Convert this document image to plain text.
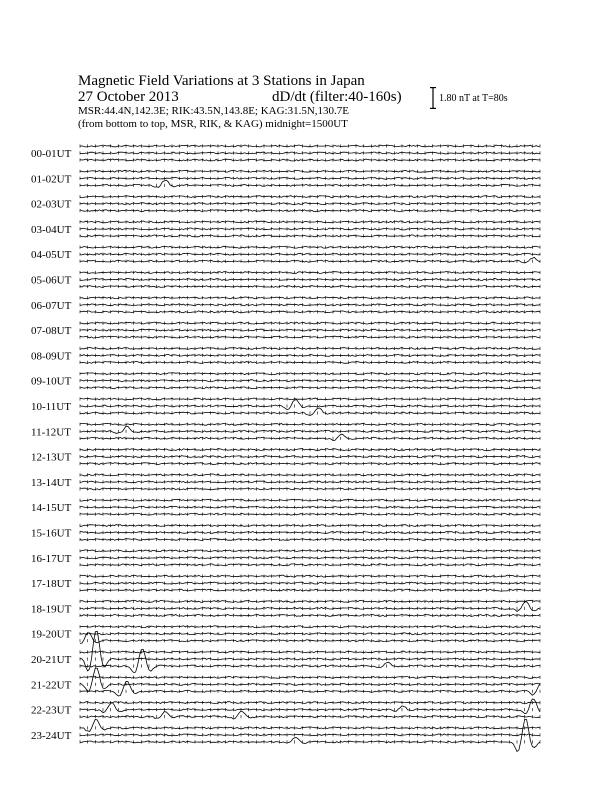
Magnetic Field Variations at 3 Stations in Japan
27 October 2013	dD/dt (filter:40-160s)
MSR:44.4N,142.3E; RIK:43.5N,143.8E; KAG:31.5N,130.7E
(from bottom to top, MSR, RIK, & KAG) midnight=1500UT
1.80 nT at T=80s
00-01UT
01-02UT
02-03UT
03-04UT
04-05UT
05-06UT
06-07UT
07-08UT
08-09UT
09-10UT
10-11UT
11-12UT
12-13UT
13-14UT
14-15UT
15-16UT
16-17UT
17-18UT
18-19UT
19-20UT
20-21UT
21-22UT
22-23UT
23-24UT
